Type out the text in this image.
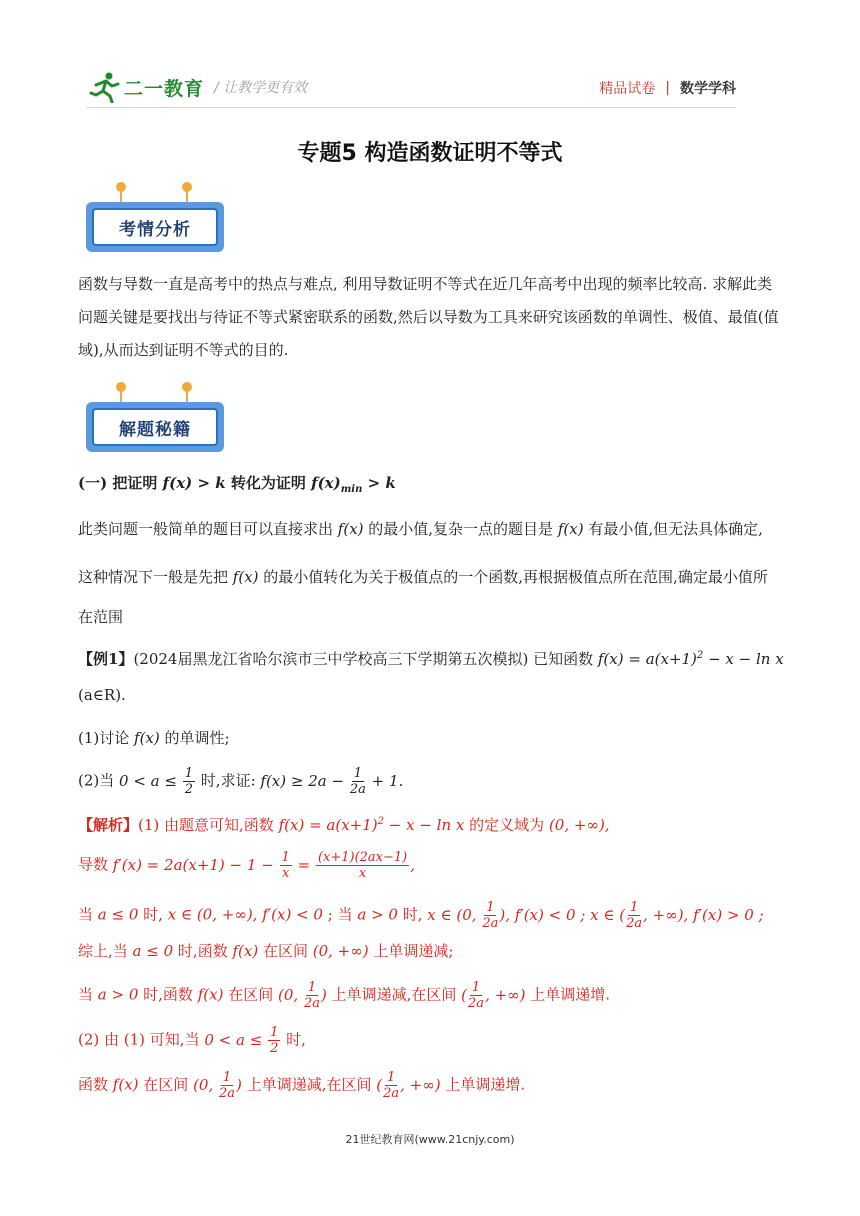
二一教育 / 让教学更有效	精品试卷 | 数学学科
专题5 构造函数证明不等式
考情分析
函数与导数一直是高考中的热点与难点, 利用导数证明不等式在近几年高考中出现的频率比较高. 求解此类
问题关键是要找出与待证不等式紧密联系的函数,然后以导数为工具来研究该函数的单调性、极值、最值(值
域),从而达到证明不等式的目的.
解题秘籍
(一) 把证明 f(x) > k 转化为证明 $f(x)_{min} > k$
此类问题一般简单的题目可以直接求出 f(x) 的最小值,复杂一点的题目是 f(x) 有最小值,但无法具体确定,
这种情况下一般是先把 f(x) 的最小值转化为关于极值点的一个函数,再根据极值点所在范围,确定最小值所
在范围
【例1】(2024届黑龙江省哈尔滨市三中学校高三下学期第五次模拟) 已知函数 $f(x) = a(x+1)^2 - x - \ln x$
(a∈R).
(1)讨论 f(x) 的单调性;
(2)当 $0 < a \le \frac{1}{2}$ 时,求证: $f(x) \ge 2a - \frac{1}{2a} + 1$.
【解析】(1) 由题意可知,函数 $f(x) = a(x+1)^2 - x - \ln x$ 的定义域为 (0, +∞),
导数 $f'(x) = 2a(x+1) - 1 - \frac{1}{x} = \frac{(x+1)(2ax-1)}{x}$ ,
当 a ≤ 0 时, x ∈ (0, +∞), f′(x) < 0 ; 当 a > 0 时, x ∈ (0, $\frac{1}{2a}$ ), f′(x) < 0 ; x ∈ ( $\frac{1}{2a}$ , +∞), f′(x) > 0 ;
综上,当 a ≤ 0 时,函数 f(x) 在区间 (0, +∞) 上单调递减;
当 a > 0 时,函数 f(x) 在区间 (0, $\frac{1}{2a}$ ) 上单调递减,在区间 ( $\frac{1}{2a}$ , +∞) 上单调递增.
(2) 由 (1) 可知,当 $0 < a \le \frac{1}{2}$ 时,
函数 f(x) 在区间 (0, $\frac{1}{2a}$ ) 上单调递减,在区间 ( $\frac{1}{2a}$ , +∞) 上单调递增.
21世纪教育网(www.21cnjy.com)
